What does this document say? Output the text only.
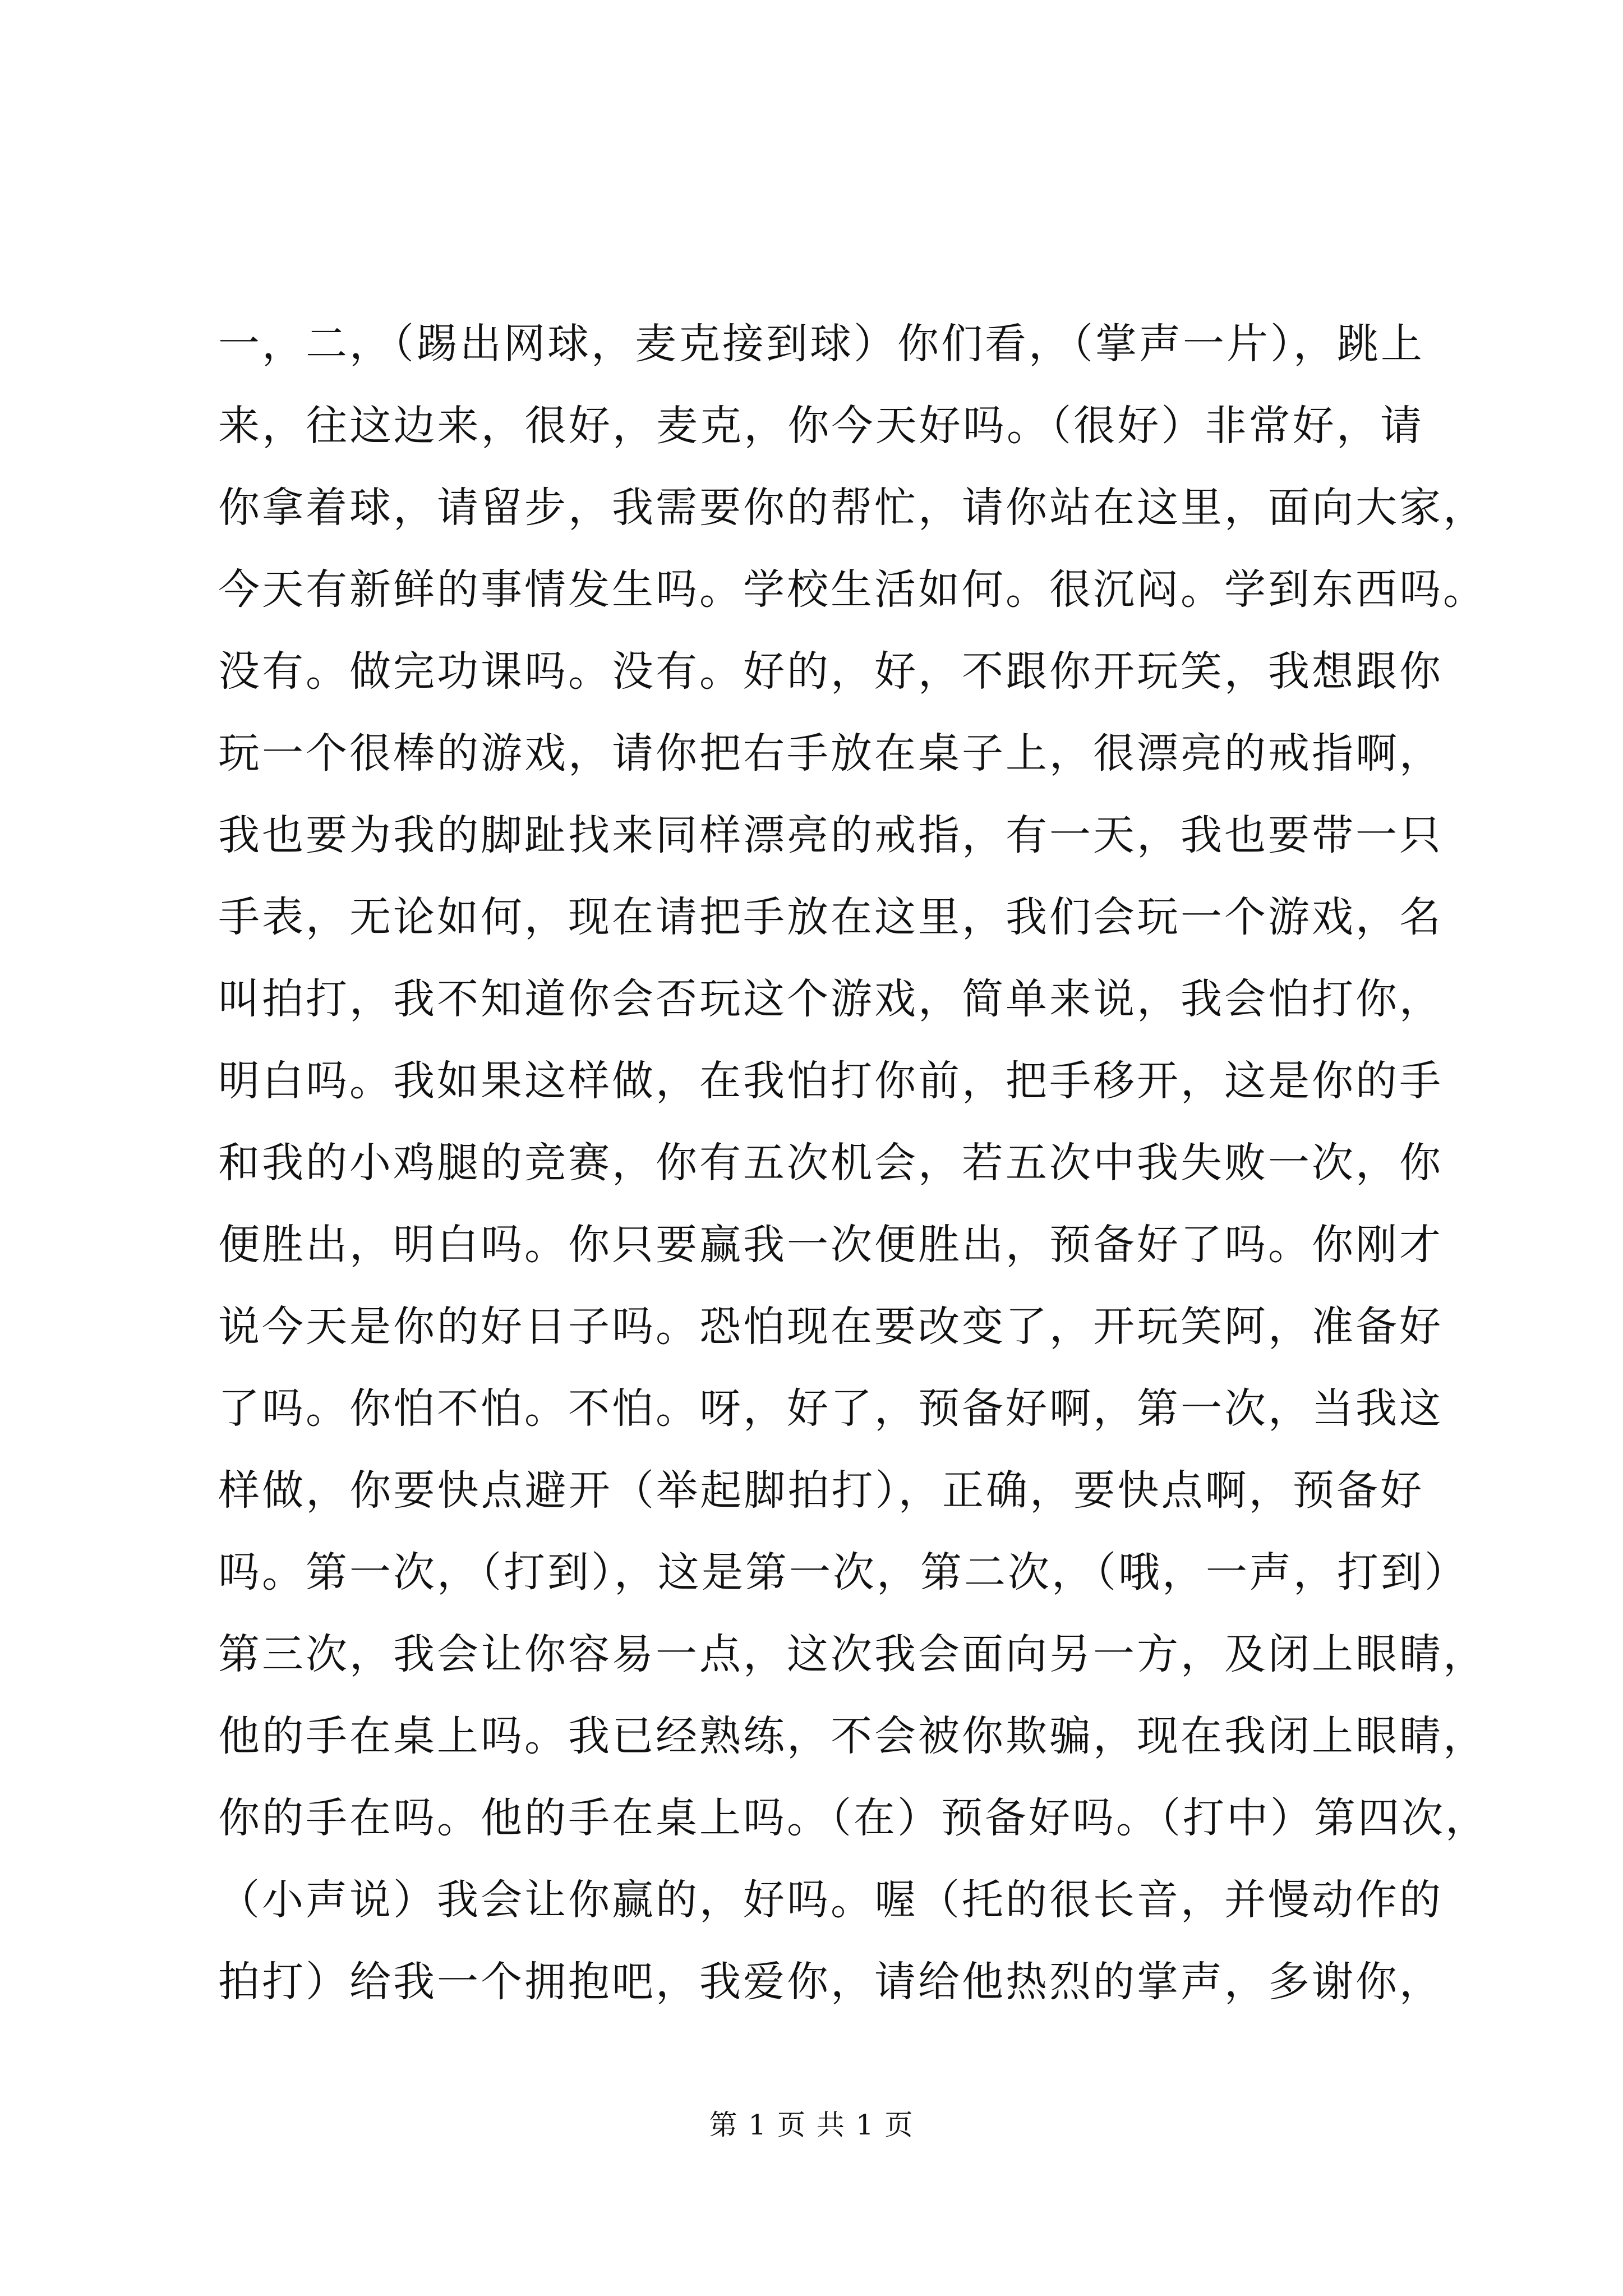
一，二，（踢出网球，麦克接到球）你们看，（掌声一片），跳上
来，往这边来，很好，麦克，你今天好吗。（很好）非常好，请
你拿着球，请留步，我需要你的帮忙，请你站在这里，面向大家，
今天有新鲜的事情发生吗。学校生活如何。很沉闷。学到东西吗。
没有。做完功课吗。没有。好的，好，不跟你开玩笑，我想跟你
玩一个很棒的游戏，请你把右手放在桌子上，很漂亮的戒指啊，
我也要为我的脚趾找来同样漂亮的戒指，有一天，我也要带一只
手表，无论如何，现在请把手放在这里，我们会玩一个游戏，名
叫拍打，我不知道你会否玩这个游戏，简单来说，我会怕打你，
明白吗。我如果这样做，在我怕打你前，把手移开，这是你的手
和我的小鸡腿的竞赛，你有五次机会，若五次中我失败一次，你
便胜出，明白吗。你只要赢我一次便胜出，预备好了吗。你刚才
说今天是你的好日子吗。恐怕现在要改变了，开玩笑阿，准备好
了吗。你怕不怕。不怕。呀，好了，预备好啊，第一次，当我这
样做，你要快点避开（举起脚拍打），正确，要快点啊，预备好
吗。第一次，（打到），这是第一次，第二次，（哦，一声，打到）
第三次，我会让你容易一点，这次我会面向另一方，及闭上眼睛，
他的手在桌上吗。我已经熟练，不会被你欺骗，现在我闭上眼睛，
你的手在吗。他的手在桌上吗。（在）预备好吗。（打中）第四次，
（小声说）我会让你赢的，好吗。喔（托的很长音，并慢动作的
拍打）给我一个拥抱吧，我爱你，请给他热烈的掌声，多谢你，
第 1 页 共 1 页
